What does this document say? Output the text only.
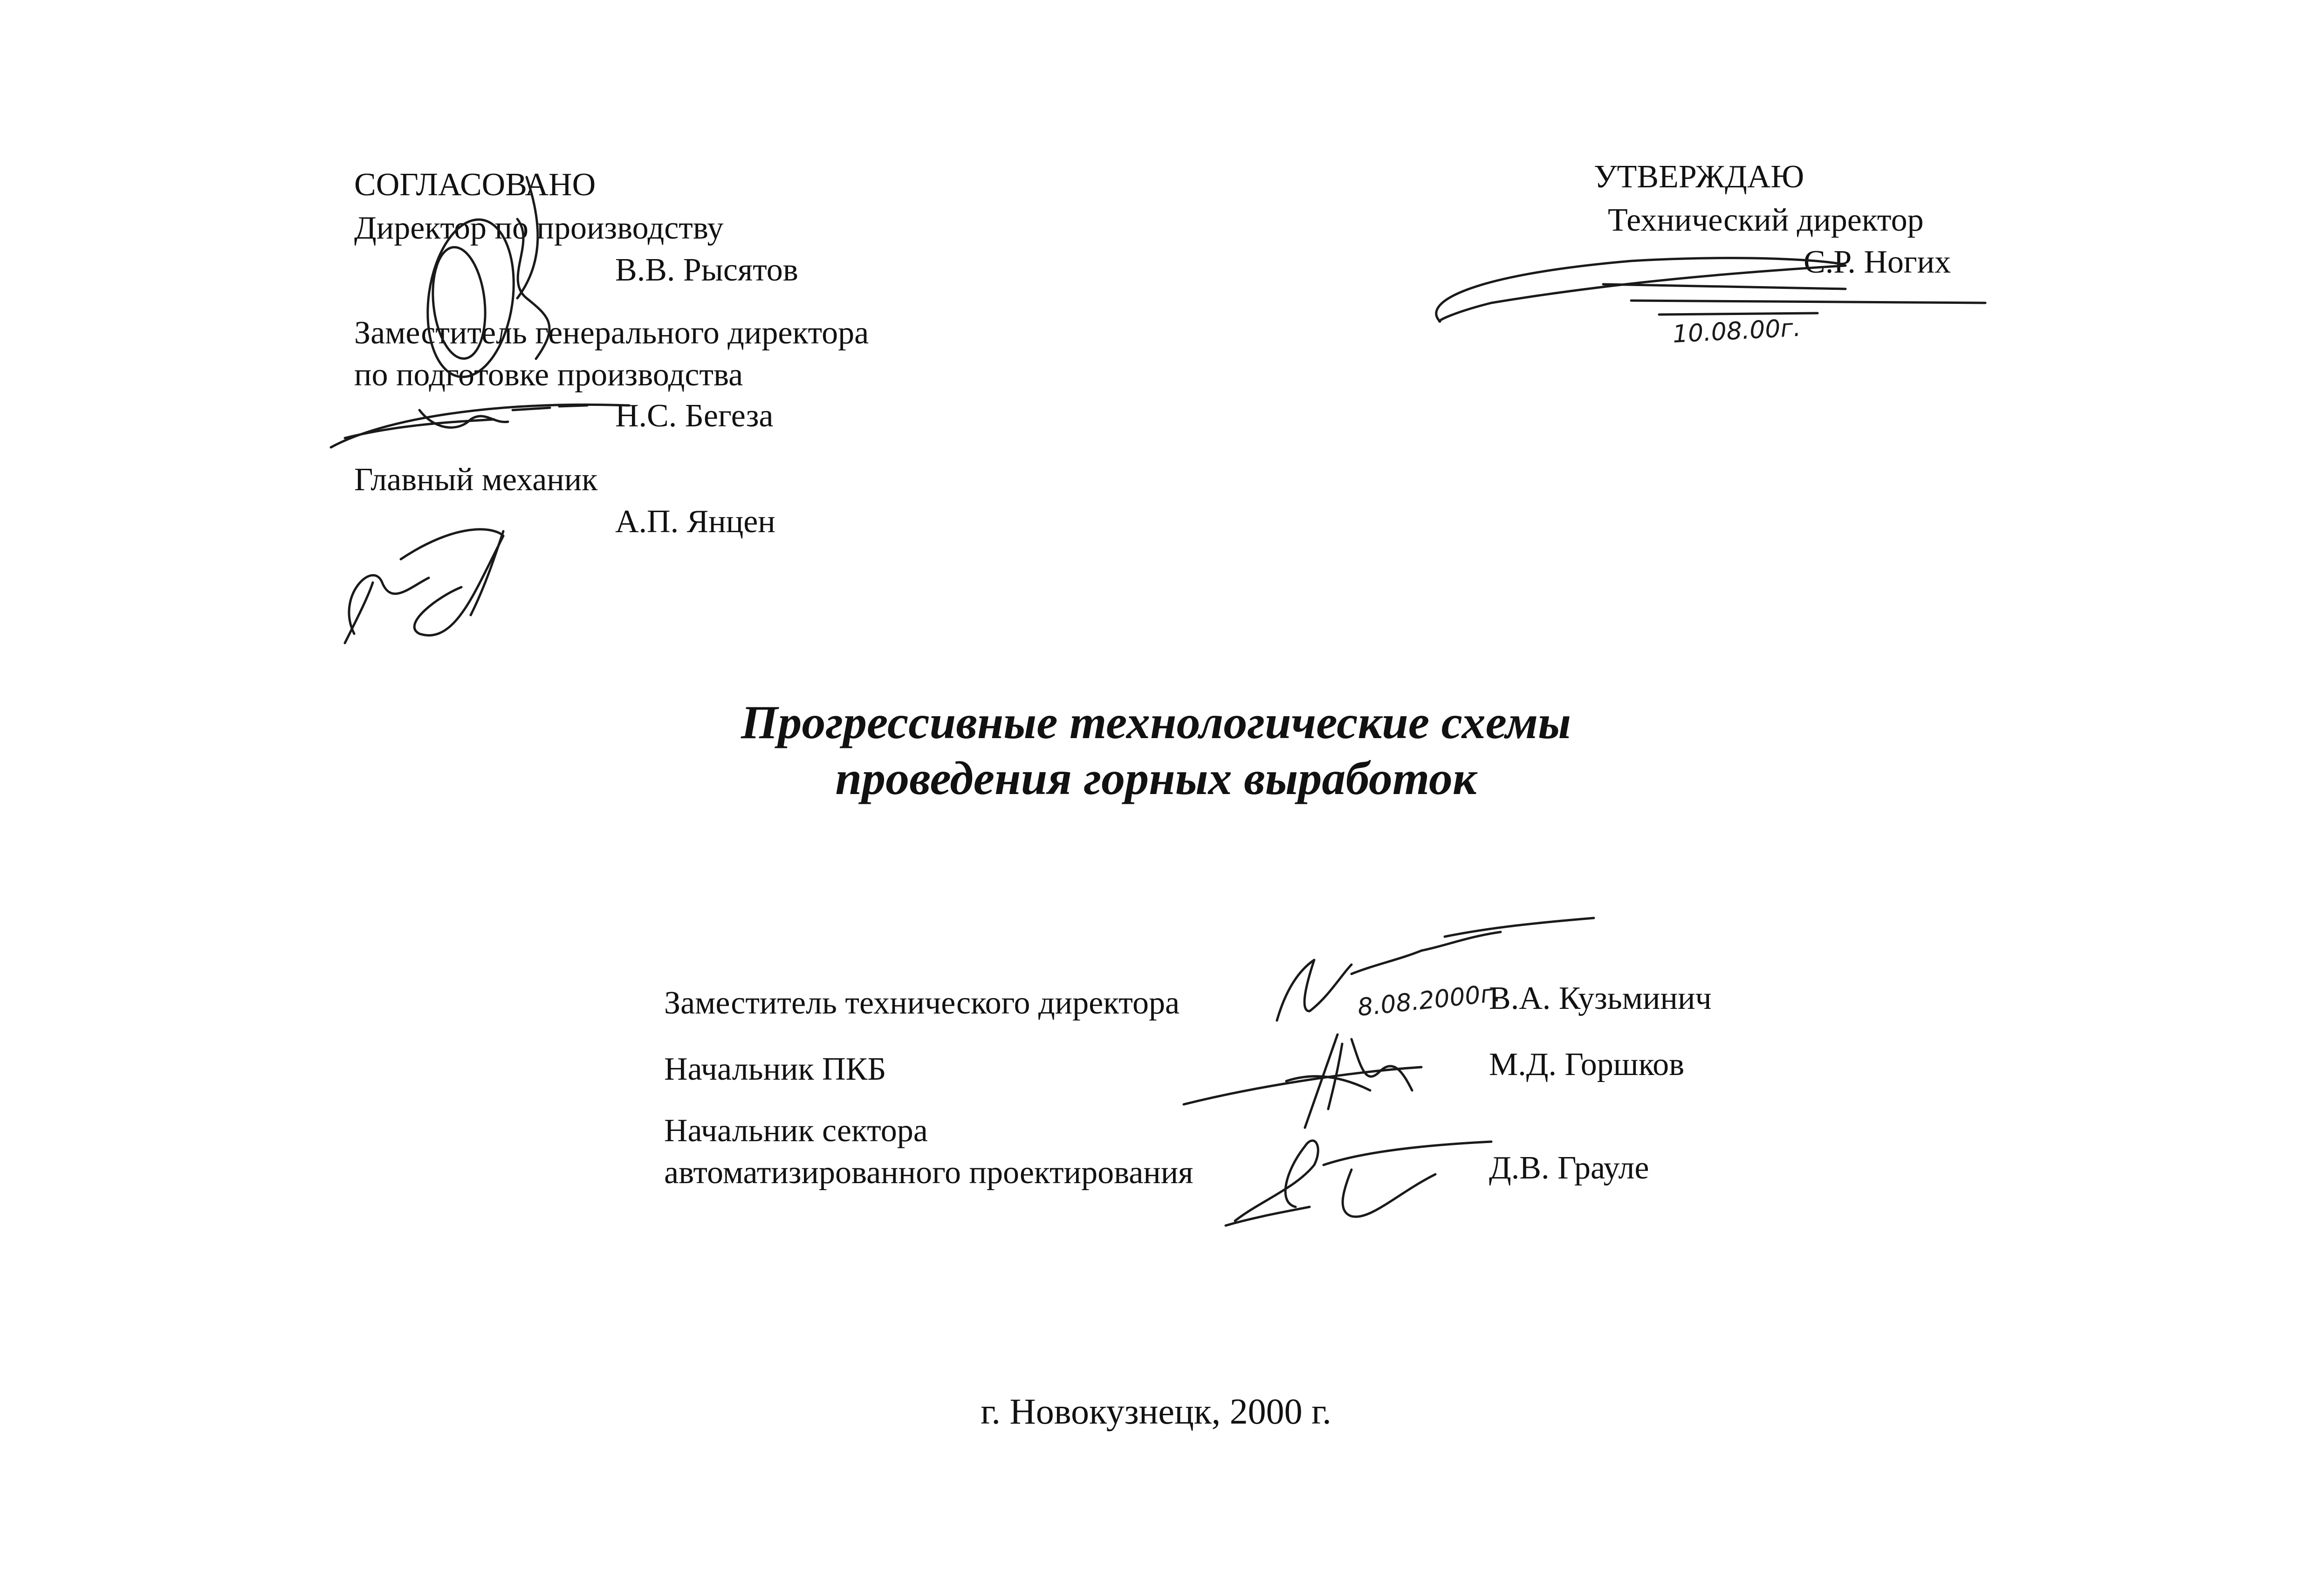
СОГЛАСОВАНО
Директор по производству
В.В. Рысятов
Заместитель генерального директора
по подготовке производства
Н.С. Бегеза
Главный механик
А.П. Янцен
УТВЕРЖДАЮ
Технический директор
С.Р. Ногих
Прогрессивные технологические схемы
проведения горных выработок
Заместитель технического директора	В.А. Кузьминич
Начальник ПКБ	М.Д. Горшков
Начальник сектора
автоматизированного проектирования	Д.В. Грауле
г. Новокузнецк, 2000 г.
10.08.00г.
8.08.2000г.
